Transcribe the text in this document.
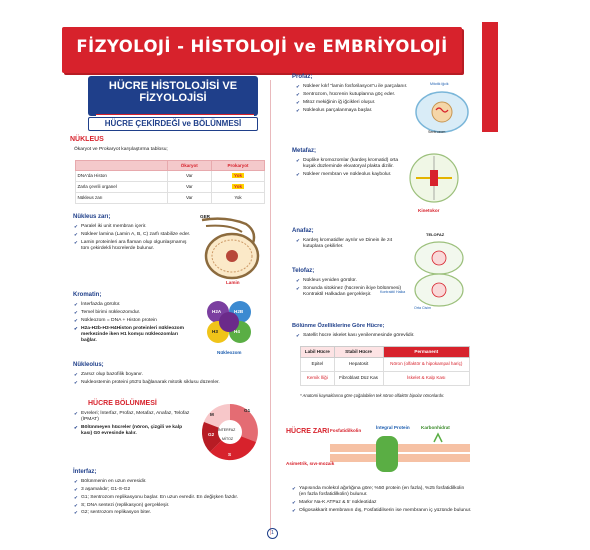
FİZYOLOJİ - HİSTOLOJİ ve EMBRİYOLOJİ	Fizyoloji - Histoloji ve Embriyoloji
HÜCRE HİSTOLOJİSİ VE
FİZYOLOJİSİ
HÜCRE ÇEKİRDEĞİ ve BÖLÜNMESİ
NÜKLEUS
Ökaryot ve Prokaryot karşılaştırma tablosu;
	Ökaryot	Prokaryot
DNA'da Histon	Var	Yok
Zarla çevrili organel	Var	Yok
Nükleus zarı	Var	Yok
Nükleus zarı;
✔ Paralel iki unit membran içerir.
✔ Nükleer lamina (Lamin A, B, C) zarfı stabilize eder.
✔ Lamin proteinleri ara flaman olup olgunlaşmamış tüm çekirdekli hücrelerde bulunur.
GER
Lamin
Kromatin;
✔ İnterfazda görülür.
✔ Temel birimi nükleozomdur.
✔ Nükleozom = DNA + Histon protein
✔ H2a-H2b-H3-H4Histon proteinleri nükleozom merkezinde iken H1 komşu nükleozomları bağlar.
H2A	H2B
H3	H4
Nükleozom
Nükleolus;
✔ Zarsız olup bazofilik boyanır.
✔ Nukleostemin proteini p53'ü bağlanarak mitotik siklusu düzenler.
HÜCRE BÖLÜNMESİ
✔ Evreleri; İnterfaz, Profaz, Metafaz, Anafaz, Telofaz (İPMAT)
✔ Bölünmeyen hücreler (nöron, çizgili ve kalp kası) G0 evresinde kalır.
G1
S
G2
M
İNTERFAZ
MİTOZ
İnterfaz;
✔ Bölünmenin en uzun evresidir.
✔ 3 aşamalıdır; G1-S-G2
✔ G1; Sentrozom replikasyonu başlar. En uzun evredir. En değişken fazdır.
✔ S; DNA sentezi (replikasyon) gerçekleşir.
✔ G2; sentrozom replikasyon biter.
Profaz;
✔ Nükleer kılıf "lamin fosforilasyon"u ile parçalanır.
✔ Sentrozom, hücrenin kutuplarına göç eder.
✔ Mitoz mekiğinin iğ iğcikleri oluşur.
✔ Nükleolus parçalanmaya başlar.
Mitotik iğcik
Sentrozom
Metafaz;
✔ Duplike kromozomlar (kardeş kromatid) orta kuşak düzleminde ekvatoryal plakta dizilir.
✔ Nükleer membran ve nükleolus kaybolur.
Kinetokor
Anafaz;
✔ Kardeş kromatidler ayrılır ve Dinein ile zıt kutuplara çekilirler.
Telofaz;
✔ Nükleus yeniden görülür.
✔ Sonunda sitokinez (hücrenin ikiye bölünmesi) Kontraktil Halkadan gerçekleşir.
TELOFAZ
Kontraktil Halka
Orta Cisim
Bölünme Özelliklerine Göre Hücre;
✔ Satellit hücre iskelet kası yenilenmesinde görevlidir.
Labil Hücre	Stabil Hücre	Permanent
Epitel	Hepatosit	Nöron (olfaktör & hipokampal hariç)
Kemik İliği	Fibroblast Düz Kas	İskelet & Kalp Kası
* Anatomi kaynaklarına göre çoğalabilen tek nöron olfaktör bipolar nöronlardır.
HÜCRE ZARI Fosfatidilkolin
İntegral Protein Karbonhidrat
Asimetrik, sıvı-mozaik
✔ Yapısında molekül ağırlığına göre; %50 protein (en fazla), %25 fosfatidilkolin (en fazla fosfatidilkolin) bulunur.
✔ Markır Na-K ATPaz & 5' nükleotidaz
✔ Oligosakkarit membranın dış, Fosfatidilserin ise membranın iç yüzünde bulunur.
1
